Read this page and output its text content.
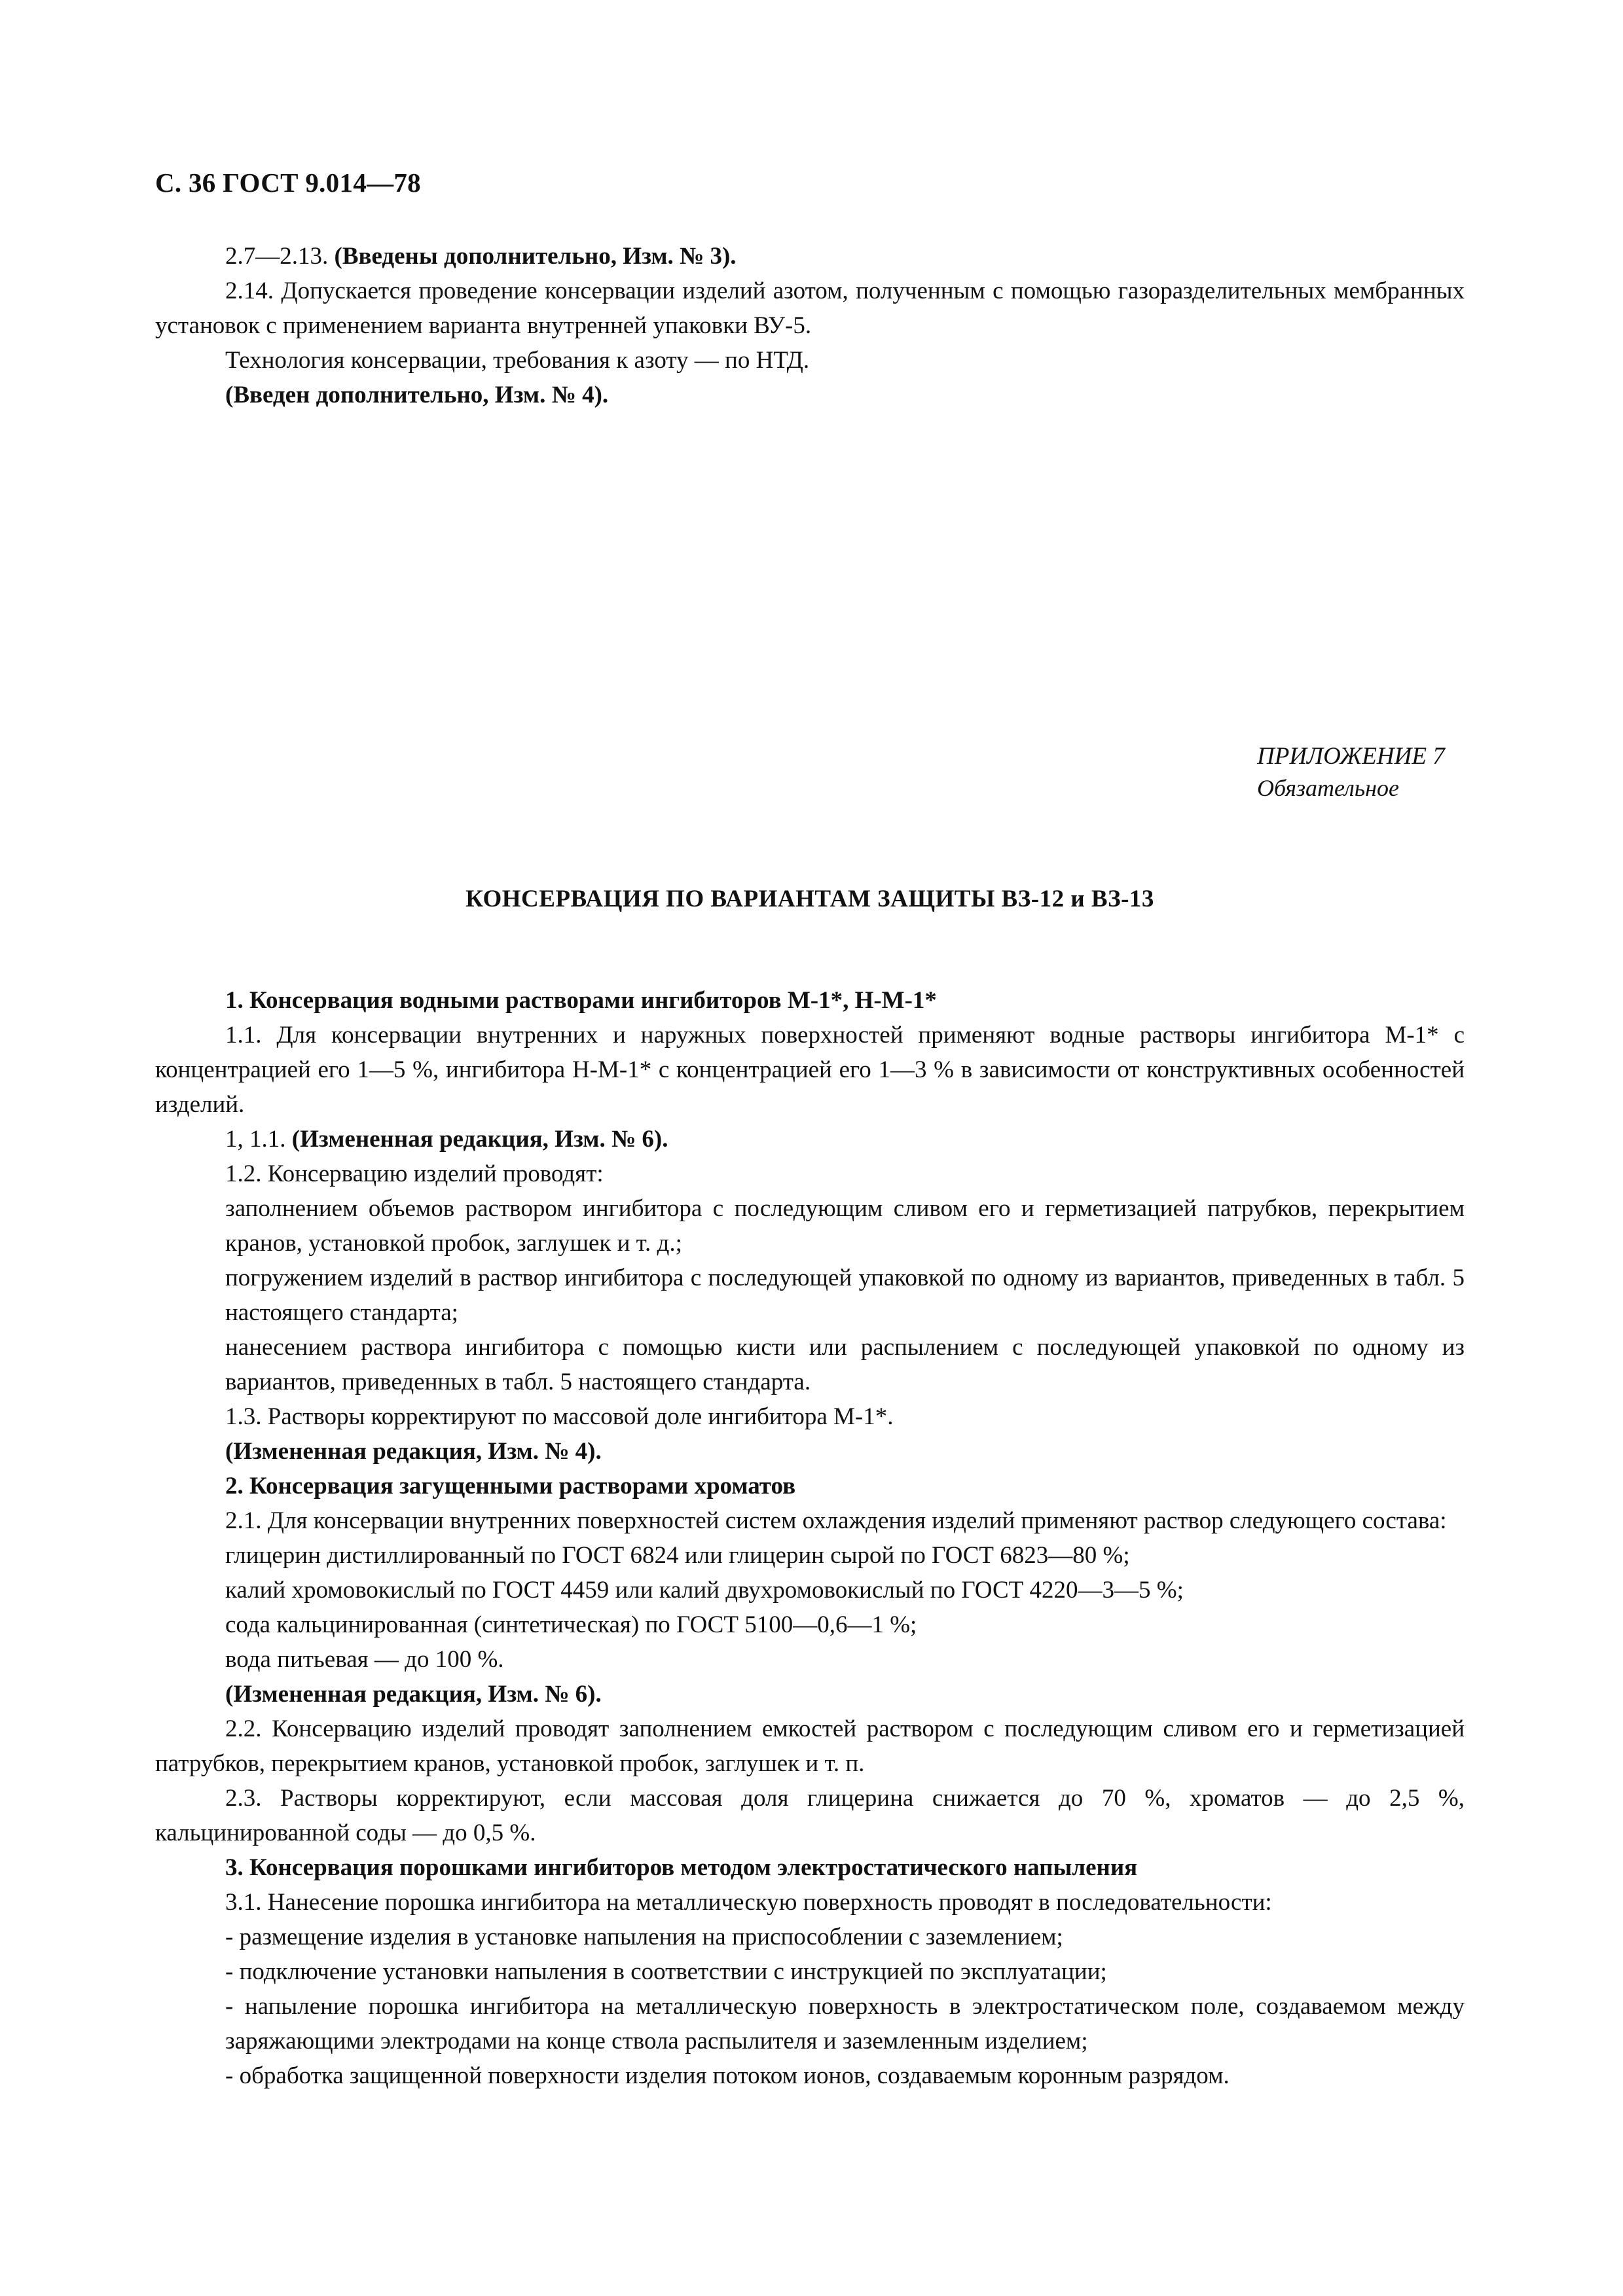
С. 36 ГОСТ 9.014—78

2.7—2.13. (Введены дополнительно, Изм. № 3).

2.14. Допускается проведение консервации изделий азотом, полученным с помощью газоразделительных мембранных установок с применением варианта внутренней упаковки ВУ-5.

Технология консервации, требования к азоту — по НТД.

(Введен дополнительно, Изм. № 4).

ПРИЛОЖЕНИЕ 7
Обязательное
КОНСЕРВАЦИЯ ПО ВАРИАНТАМ ЗАЩИТЫ ВЗ-12 и ВЗ-13

1. Консервация водными растворами ингибиторов М-1*, Н-М-1*

1.1. Для консервации внутренних и наружных поверхностей применяют водные растворы ингибитора М-1* с концентрацией его 1—5 %, ингибитора Н-М-1* с концентрацией его 1—3 % в зависимости от конструктивных особенностей изделий.

1, 1.1. (Измененная редакция, Изм. № 6).

1.2. Консервацию изделий проводят:

заполнением объемов раствором ингибитора с последующим сливом его и герметизацией патрубков, перекрытием кранов, установкой пробок, заглушек и т. д.;

погружением изделий в раствор ингибитора с последующей упаковкой по одному из вариантов, приведенных в табл. 5 настоящего стандарта;

нанесением раствора ингибитора с помощью кисти или распылением с последующей упаковкой по одному из вариантов, приведенных в табл. 5 настоящего стандарта.

1.3. Растворы корректируют по массовой доле ингибитора М-1*.

(Измененная редакция, Изм. № 4).

2. Консервация загущенными растворами хроматов

2.1. Для консервации внутренних поверхностей систем охлаждения изделий применяют раствор следующего состава:

глицерин дистиллированный по ГОСТ 6824 или глицерин сырой по ГОСТ 6823—80 %;

калий хромовокислый по ГОСТ 4459 или калий двухромовокислый по ГОСТ 4220—3—5 %;

сода кальцинированная (синтетическая) по ГОСТ 5100—0,6—1 %;

вода питьевая — до 100 %.

(Измененная редакция, Изм. № 6).

2.2. Консервацию изделий проводят заполнением емкостей раствором с последующим сливом его и герметизацией патрубков, перекрытием кранов, установкой пробок, заглушек и т. п.

2.3. Растворы корректируют, если массовая доля глицерина снижается до 70 %, хроматов — до 2,5 %, кальцинированной соды — до 0,5 %.

3. Консервация порошками ингибиторов методом электростатического напыления

3.1. Нанесение порошка ингибитора на металлическую поверхность проводят в последовательности:

- размещение изделия в установке напыления на приспособлении с заземлением;

- подключение установки напыления в соответствии с инструкцией по эксплуатации;

- напыление порошка ингибитора на металлическую поверхность в электростатическом поле, создаваемом между заряжающими электродами на конце ствола распылителя и заземленным изделием;

- обработка защищенной поверхности изделия потоком ионов, создаваемым коронным разрядом.
